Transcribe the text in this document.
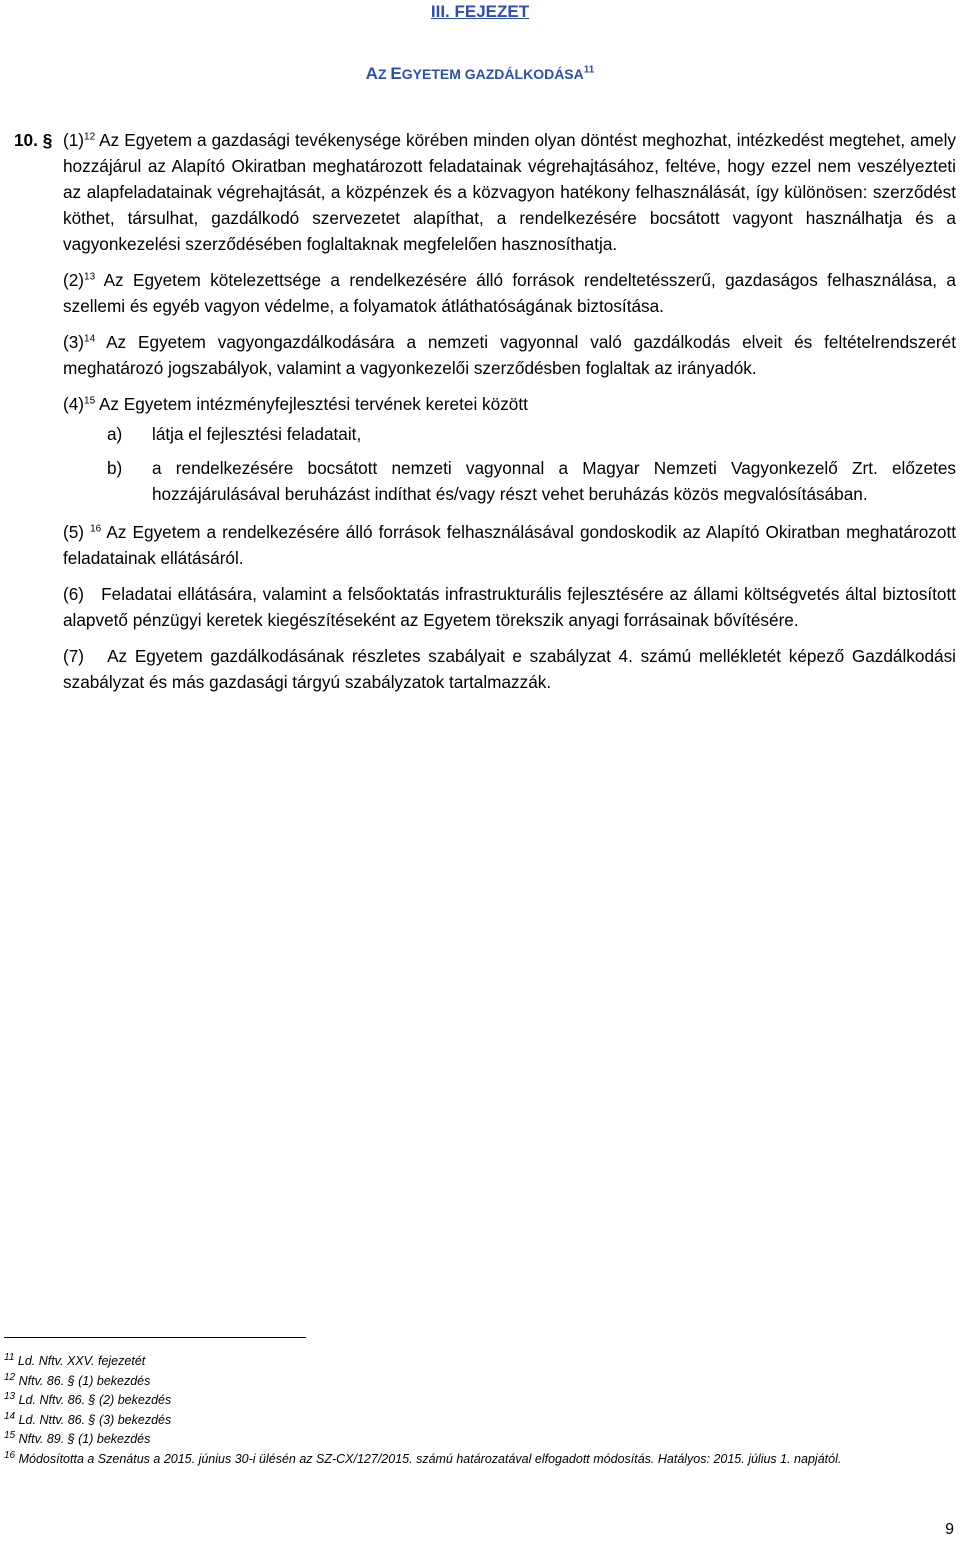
III. FEJEZET
AZ EGYETEM GAZDÁLKODÁSA$^{11}$
10. § $(1)^{12}$ Az Egyetem a gazdasági tevékenysége körében minden olyan döntést meghozhat, intézkedést megtehet, amely hozzájárul az Alapító Okiratban meghatározott feladatainak végrehajtásához, feltéve, hogy ezzel nem veszélyezteti az alapfeladatainak végrehajtását, a közpénzek és a közvagyon hatékony felhasználását, így különösen: szerződést köthet, társulhat, gazdálkodó szervezetet alapíthat, a rendelkezésére bocsátott vagyont használhatja és a vagyonkezelési szerződésében foglaltaknak megfelelően hasznosíthatja.

$(2)^{13}$ Az Egyetem kötelezettsége a rendelkezésére álló források rendeltetésszerű, gazdaságos felhasználása, a szellemi és egyéb vagyon védelme, a folyamatok átláthatóságának biztosítása.

$(3)^{14}$ Az Egyetem vagyongazdálkodására a nemzeti vagyonnal való gazdálkodás elveit és feltételrendszerét meghatározó jogszabályok, valamint a vagyonkezelői szerződésben foglaltak az irányadók.

$(4)^{15}$ Az Egyetem intézményfejlesztési tervének keretei között

a) látja el fejlesztési feladatait,
b) a rendelkezésére bocsátott nemzeti vagyonnal a Magyar Nemzeti Vagyonkezelő Zrt. előzetes hozzájárulásával beruházást indíthat és/vagy részt vehet beruházás közös megvalósításában.

(5) $^{16}$ Az Egyetem a rendelkezésére álló források felhasználásával gondoskodik az Alapító Okiratban meghatározott feladatainak ellátásáról.

(6) Feladatai ellátására, valamint a felsőoktatás infrastrukturális fejlesztésére az állami költségvetés által biztosított alapvető pénzügyi keretek kiegészítéseként az Egyetem törekszik anyagi forrásainak bővítésére.

(7) Az Egyetem gazdálkodásának részletes szabályait e szabályzat 4. számú mellékletét képező Gazdálkodási szabályzat és más gazdasági tárgyú szabályzatok tartalmazzák.

$^{11}$ Ld. Nftv. XXV. fejezetét

$^{12}$ Nftv. 86. § (1) bekezdés

$^{13}$ Ld. Nftv. 86. § (2) bekezdés

$^{14}$ Ld. Nttv. 86. § (3) bekezdés

$^{15}$ Nftv. 89. § (1) bekezdés

$^{16}$ Módosította a Szenátus a 2015. június 30-i ülésén az SZ-CX/127/2015. számú határozatával elfogadott módosítás. Hatályos: 2015. július 1. napjától.

9
